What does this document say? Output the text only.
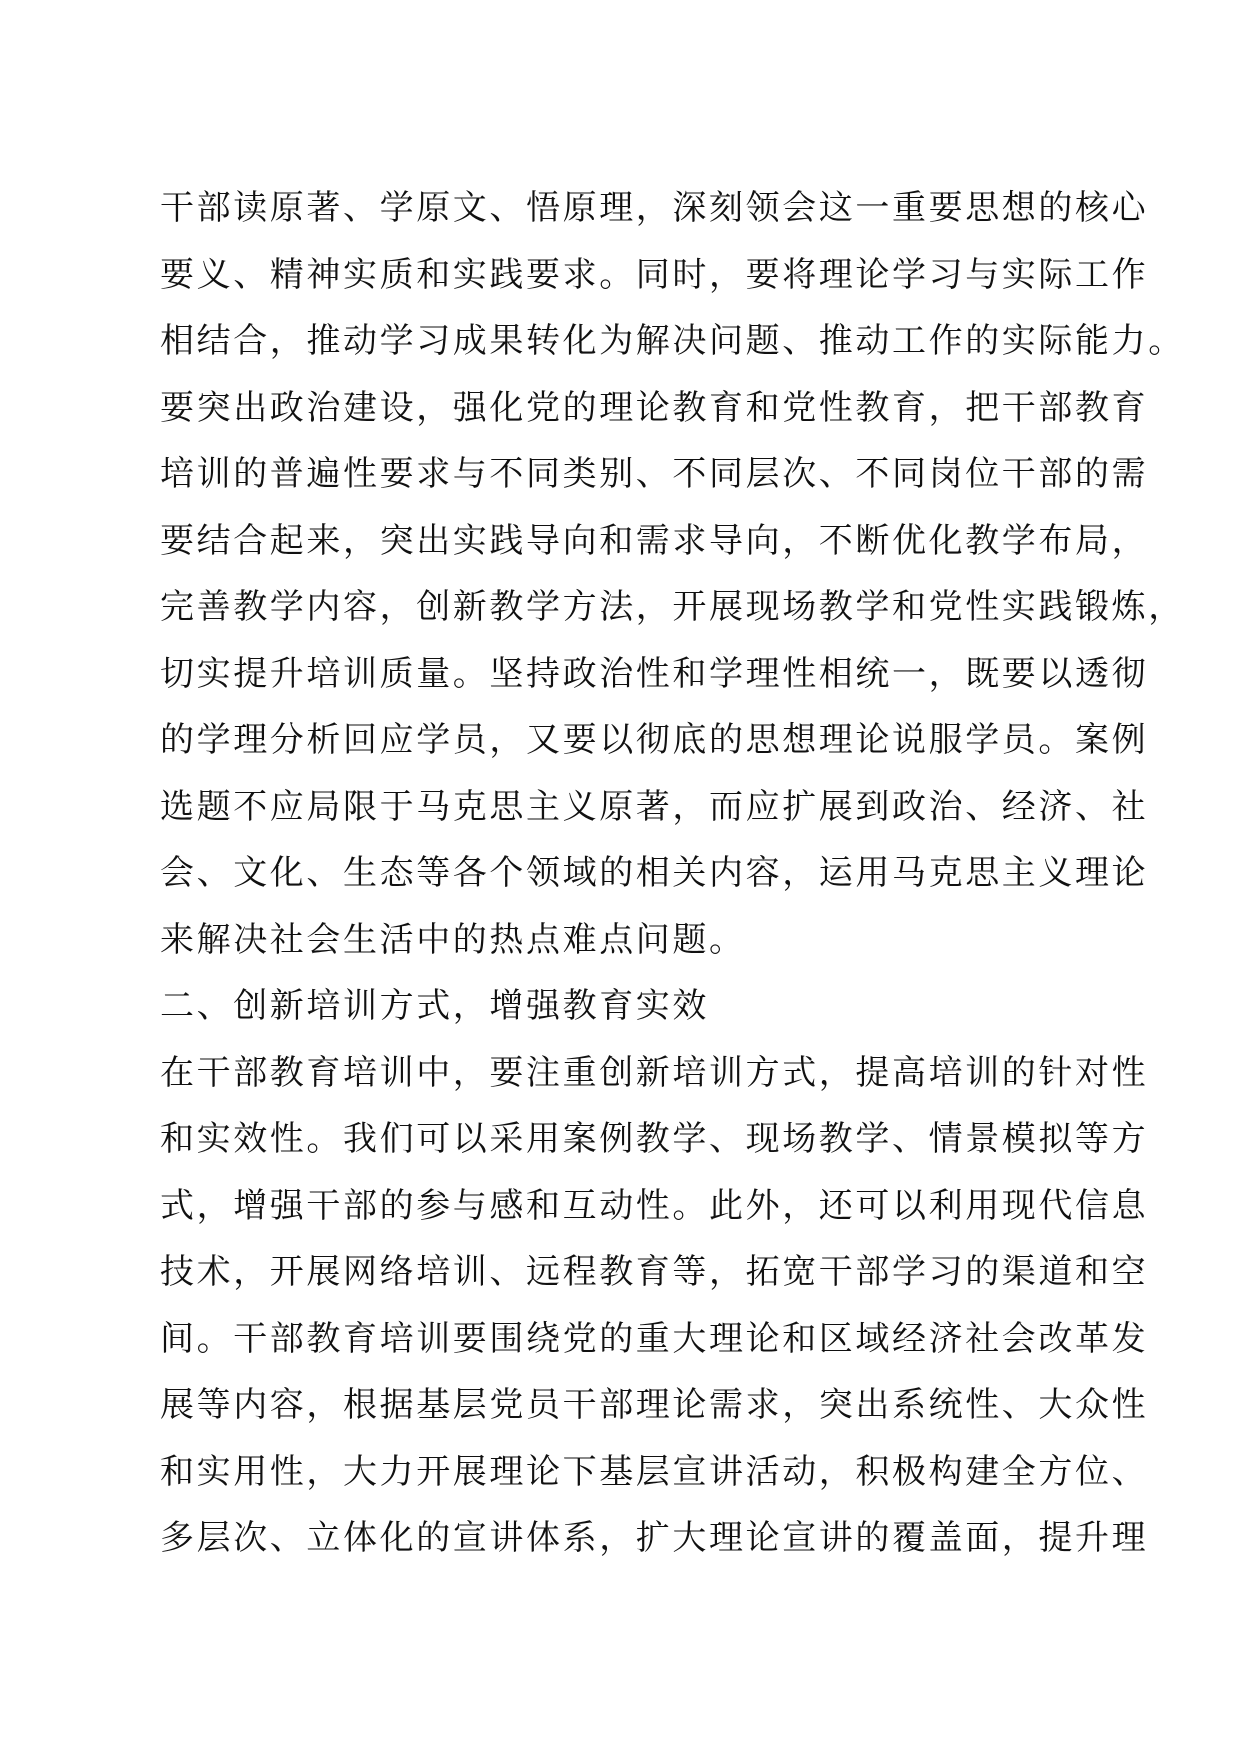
干部读原著、学原文、悟原理，深刻领会这一重要思想的核心
要义、精神实质和实践要求。同时，要将理论学习与实际工作
相结合，推动学习成果转化为解决问题、推动工作的实际能力。
要突出政治建设，强化党的理论教育和党性教育，把干部教育
培训的普遍性要求与不同类别、不同层次、不同岗位干部的需
要结合起来，突出实践导向和需求导向，不断优化教学布局，
完善教学内容，创新教学方法，开展现场教学和党性实践锻炼，
切实提升培训质量。坚持政治性和学理性相统一，既要以透彻
的学理分析回应学员，又要以彻底的思想理论说服学员。案例
选题不应局限于马克思主义原著，而应扩展到政治、经济、社
会、文化、生态等各个领域的相关内容，运用马克思主义理论
来解决社会生活中的热点难点问题。
二、创新培训方式，增强教育实效
在干部教育培训中，要注重创新培训方式，提高培训的针对性
和实效性。我们可以采用案例教学、现场教学、情景模拟等方
式，增强干部的参与感和互动性。此外，还可以利用现代信息
技术，开展网络培训、远程教育等，拓宽干部学习的渠道和空
间。干部教育培训要围绕党的重大理论和区域经济社会改革发
展等内容，根据基层党员干部理论需求，突出系统性、大众性
和实用性，大力开展理论下基层宣讲活动，积极构建全方位、
多层次、立体化的宣讲体系，扩大理论宣讲的覆盖面，提升理
